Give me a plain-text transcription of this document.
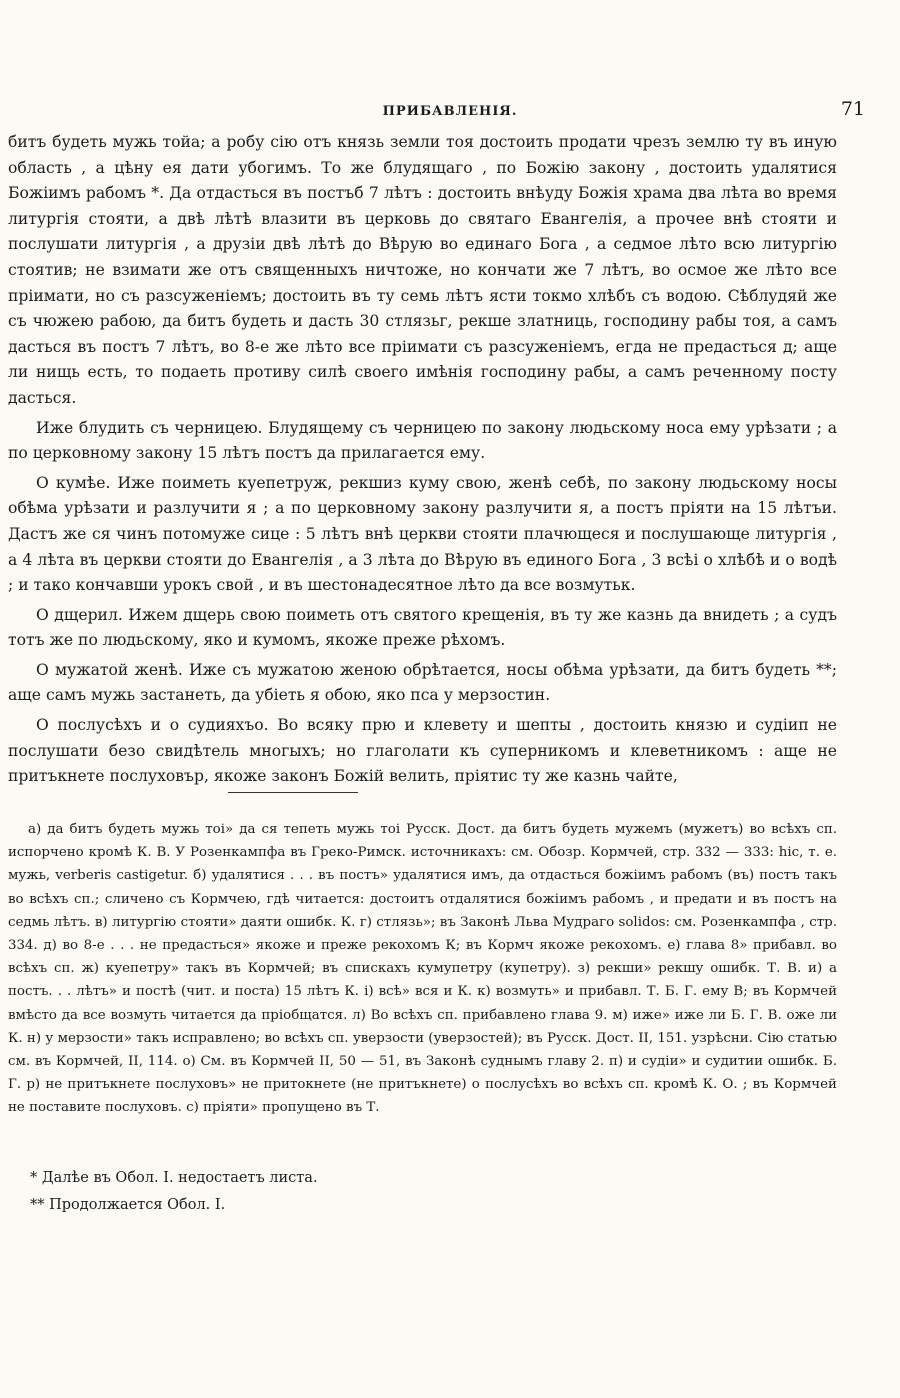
ПРИБАВЛЕНІЯ.	71

битъ будеть мужь тойа; а робу сію отъ князь земли тоя достоить продати чрезъ землю ту въ иную область , а цѣну ея дати убогимъ. То же блудящаго , по Божію закону , достоить удалятися Божіимъ рабомъ *. Да отдасться въ постъб 7 лѣтъ : достоить внѣуду Божія храма два лѣта во время литургія стояти, а двѣ лѣтѣ влазити въ церковь до святаго Евангелія, а прочее внѣ стояти и послушати литургія , а друзіи двѣ лѣтѣ до Вѣрую во единаго Бога , а седмое лѣто всю литургію стоятив; не взимати же отъ священныхъ ничтоже, но кончати же 7 лѣтъ, во осмое же лѣто все пріимати, но съ разсуженіемъ; достоить въ ту семь лѣтъ ясти токмо хлѣбъ съ водою. Сѣблудяй же съ чюжею рабою, да битъ будеть и дасть 30 стлязьг, рекше златниць, господину рабы тоя, а самъ дасться въ постъ 7 лѣтъ, во 8-е же лѣто все пріимати съ разсуженіемъ, егда не предасться д; аще ли нищь есть, то подаеть противу силѣ своего имѣнія господину рабы, а самъ реченному посту дасться.

Иже блудить съ черницею. Блудящему съ черницею по закону людьскому носа ему урѣзати ; а по церковному закону 15 лѣтъ постъ да прилагается ему.

О кумѣе. Иже поиметь куепетруж, рекшиз куму свою, женѣ себѣ, по закону людьскому носы обѣма урѣзати и разлучити я ; а по церковному закону разлучити я, а постъ пріяти на 15 лѣтъи. Дастъ же ся чинъ потомуже сице : 5 лѣтъ внѣ церкви стояти плачющеся и послушающе литургія , а 4 лѣта въ церкви стояти до Евангелія , а 3 лѣта до Вѣрую въ единого Бога , 3 всѣі о хлѣбѣ и о водѣ ; и тако кончавши урокъ свой , и въ шестонадесятное лѣто да все возмутьк.

О дщерил. Ижем дщерь свою поиметь отъ святого крещенія, въ ту же казнь да внидеть ; а судъ тотъ же по людьскому, яко и кумомъ, якоже преже рѣхомъ.

О мужатой женѣ. Иже съ мужатою женою обрѣтается, носы обѣма урѣзати, да битъ будеть **; аще самъ мужь застанеть, да убіеть я обою, яко пса у мерзостин.

О послусѣхъ и о судияхъо. Во всяку прю и клевету и шепты , достоить князю и судіип не послушати безо свидѣтель многыхъ; но глаголати къ суперникомъ и клеветникомъ : аще не притъкнете послуховър, якоже законъ Божій велить, пріятис ту же казнь чайте,

а) да битъ будеть мужь тоі» да ся тепеть мужь тоі Русск. Дост. да битъ будеть мужемъ (мужетъ) во всѣхъ сп. испорчено кромѣ К. В. У Розенкампфа въ Греко-Римск. источникахъ: см. Обозр. Кормчей, стр. 332 — 333: hic, т. е. мужь, verberis castigetur. б) удалятися . . . въ постъ» удалятися имъ, да отдасться божіимъ рабомъ (въ) постъ такъ во всѣхъ сп.; сличено съ Кормчею, гдѣ читается: достоитъ отдалятися божіимъ рабомъ , и предати и въ постъ на седмь лѣтъ. в) литургію стояти» даяти ошибк. К. г) стлязь»; въ Законѣ Льва Мудраго solidos: см. Розенкампфа , стр. 334. д) во 8-е . . . не предасться» якоже и преже рекохомъ К; въ Кормч якоже рекохомъ. е) глава 8» прибавл. во всѣхъ сп. ж) куепетру» такъ въ Кормчей; въ спискахъ кумупетру (купетру). з) рекши» рекшу ошибк. Т. В. и) а постъ. . . лѣтъ» и постѣ (чит. и поста) 15 лѣтъ К. і) всѣ» вся и К. к) возмуть» и прибавл. Т. Б. Г. ему В; въ Кормчей вмѣсто да все возмуть читается да пріобщатся. л) Во всѣхъ сп. прибавлено глава 9. м) иже» иже ли Б. Г. В. оже ли К. н) у мерзости» такъ исправлено; во всѣхъ сп. уверзости (уверзостей); въ Русск. Дост. II, 151. узрѣсни. Сію статью см. въ Кормчей, II, 114. о) См. въ Кормчей II, 50 — 51, въ Законѣ суднымъ главу 2. п) и судіи» и судитии ошибк. Б. Г. р) не притъкнете послуховъ» не притокнете (не притъкнете) о послусѣхъ во всѣхъ сп. кромѣ К. О. ; въ Кормчей не поставите послуховъ. с) пріяти» пропущено въ Т.

* Далѣе въ Обол. I. недостаетъ листа.

** Продолжается Обол. I.
